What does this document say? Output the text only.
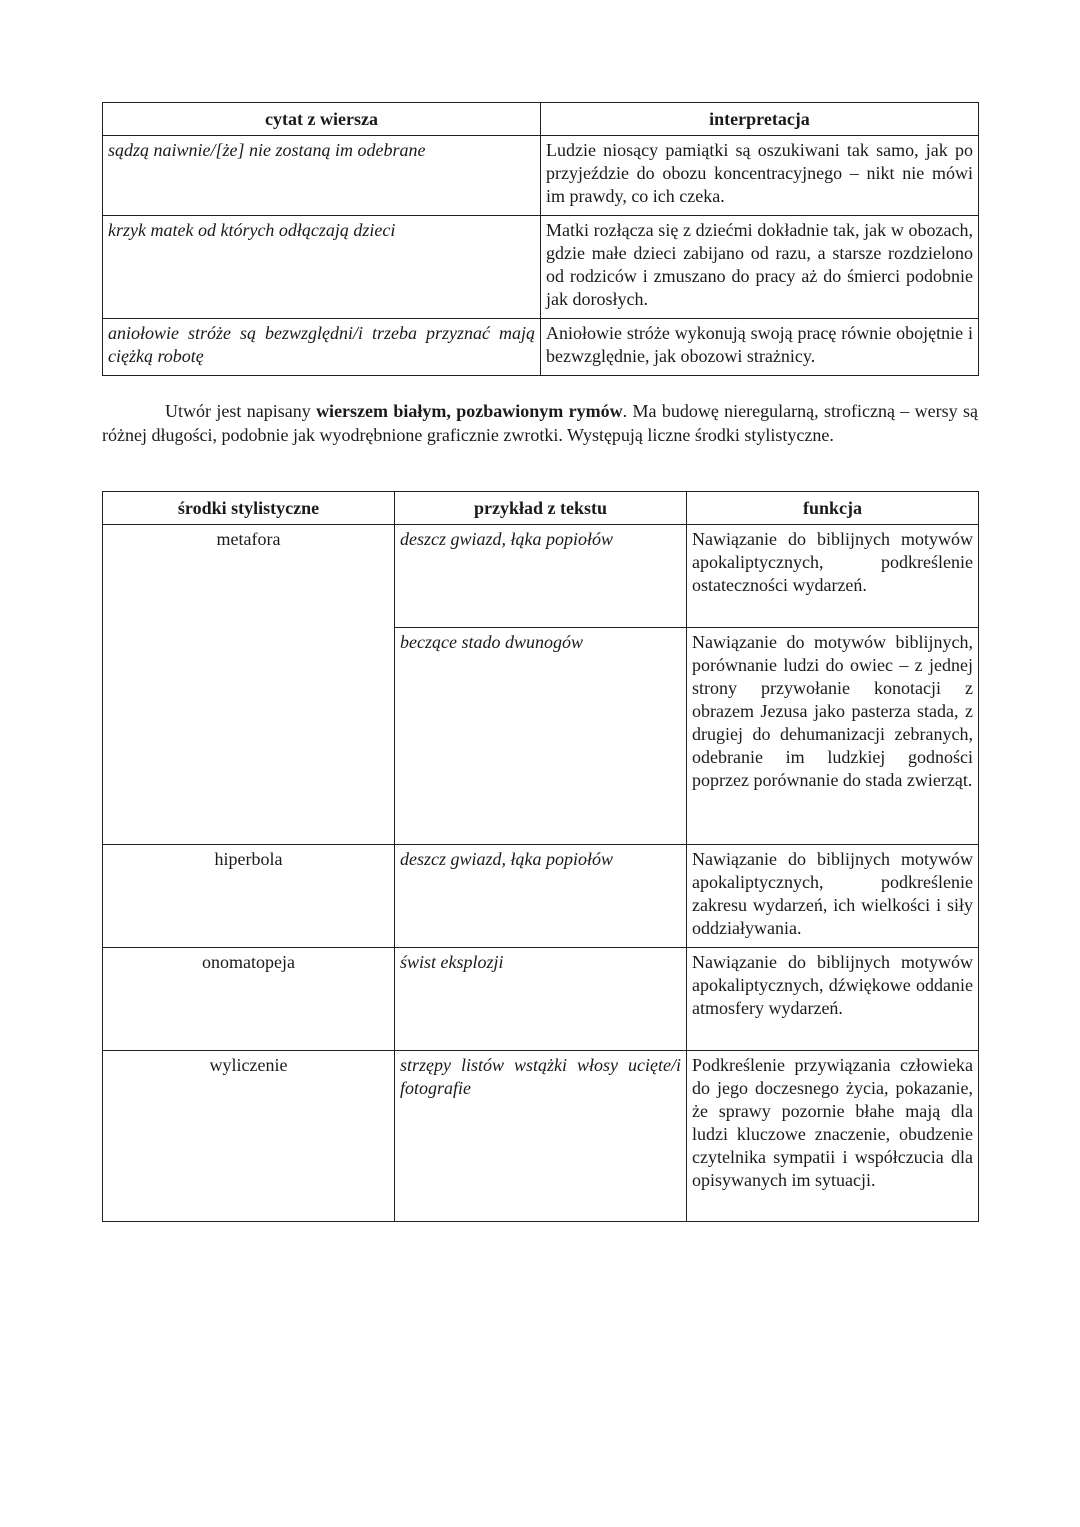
cytat z wiersza	interpretacja
sądzą naiwnie/[że] nie zostaną im odebrane	Ludzie niosący pamiątki są oszukiwani tak samo, jak po przyjeździe do obozu koncentracyjnego – nikt nie mówi im prawdy, co ich czeka.
krzyk matek od których odłączają dzieci	Matki rozłącza się z dziećmi dokładnie tak, jak w obozach, gdzie małe dzieci zabijano od razu, a starsze rozdzielono od rodziców i zmuszano do pracy aż do śmierci podobnie jak dorosłych.
aniołowie stróże są bezwzględni/i trzeba przyznać mają ciężką robotę	Aniołowie stróże wykonują swoją pracę równie obojętnie i bezwzględnie, jak obozowi strażnicy.

Utwór jest napisany wierszem białym, pozbawionym rymów. Ma budowę nieregularną, stroficzną – wersy są różnej długości, podobnie jak wyodrębnione graficznie zwrotki. Występują liczne środki stylistyczne.

środki stylistyczne	przykład z tekstu	funkcja
metafora	deszcz gwiazd, łąka popiołów	Nawiązanie do biblijnych motywów apokaliptycznych, podkreślenie ostateczności wydarzeń.
	beczące stado dwunogów	Nawiązanie do motywów biblijnych, porównanie ludzi do owiec – z jednej strony przywołanie konotacji z obrazem Jezusa jako pasterza stada, z drugiej do dehumanizacji zebranych, odebranie im ludzkiej godności poprzez porównanie do stada zwierząt.
hiperbola	deszcz gwiazd, łąka popiołów	Nawiązanie do biblijnych motywów apokaliptycznych, podkreślenie zakresu wydarzeń, ich wielkości i siły oddziaływania.
onomatopeja	świst eksplozji	Nawiązanie do biblijnych motywów apokaliptycznych, dźwiękowe oddanie atmosfery wydarzeń.
wyliczenie	strzępy listów wstążki włosy ucięte/i fotografie	Podkreślenie przywiązania człowieka do jego doczesnego życia, pokazanie, że sprawy pozornie błahe mają dla ludzi kluczowe znaczenie, obudzenie czytelnika sympatii i współczucia dla opisywanych im sytuacji.
